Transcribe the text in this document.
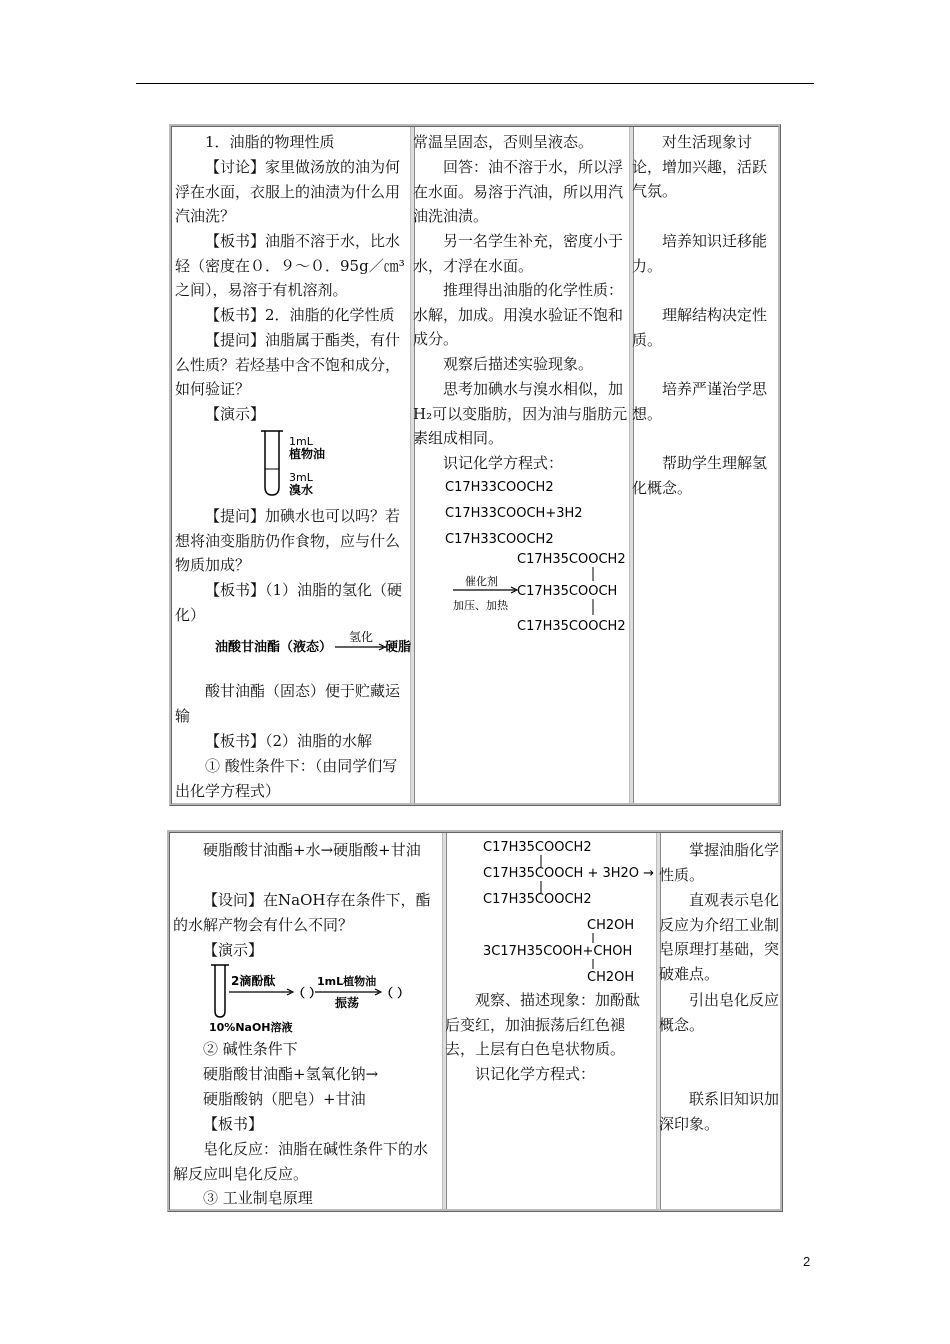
1．油脂的物理性质

【讨论】家里做汤放的油为何浮在水面，衣服上的油渍为什么用汽油洗？

【板书】油脂不溶于水，比水轻（密度在０．９～０．95g／㎝³之间），易溶于有机溶剂。

【板书】2．油脂的化学性质

【提问】油脂属于酯类，有什么性质？若烃基中含不饱和成分，如何验证？

【演示】

1mL
植物油
3mL
溴水

【提问】加碘水也可以吗？若想将油变脂肪仍作食物，应与什么物质加成？

【板书】（1）油脂的氢化（硬化）

油酸甘油酯（液态）
氢化
硬脂

酸甘油酯（固态）便于贮藏运输

【板书】（2）油脂的水解

① 酸性条件下：（由同学们写出化学方程式）

常温呈固态，否则呈液态。

回答：油不溶于水，所以浮在水面。易溶于汽油，所以用汽油洗油渍。

另一名学生补充，密度小于水，才浮在水面。

推理得出油脂的化学性质：水解，加成。用溴水验证不饱和成分。

观察后描述实验现象。

思考加碘水与溴水相似，加H₂可以变脂肪，因为油与脂肪元素组成相同。

识记化学方程式：

C17H33COOCH2
C17H33COOCH+3H2
C17H33COOCH2
C17H35COOCH2
催化剂
C17H35COOCH
加压、加热
C17H35COOCH2

对生活现象讨论，增加兴趣，活跃气氛。

培养知识迁移能力。

理解结构决定性质。

培养严谨治学思想。

帮助学生理解氢化概念。

硬脂酸甘油酯+水→硬脂酸+甘油

【设问】在NaOH存在条件下，酯的水解产物会有什么不同？

【演示】

2滴酚酞
（ ）
1mL植物油
振荡
（ ）
10%NaOH溶液

② 碱性条件下

硬脂酸甘油酯+氢氧化钠→

硬脂酸钠（肥皂）+甘油

【板书】

皂化反应：油脂在碱性条件下的水解反应叫皂化反应。

③ 工业制皂原理

C17H35COOCH2
C17H35COOCH + 3H2O →
C17H35COOCH2
CH2OH
3C17H35COOH+CHOH
CH2OH

观察、描述现象：加酚酞后变红，加油振荡后红色褪去，上层有白色皂状物质。

识记化学方程式：

掌握油脂化学性质。

直观表示皂化反应为介绍工业制皂原理打基础，突破难点。

引出皂化反应概念。

联系旧知识加深印象。

2
